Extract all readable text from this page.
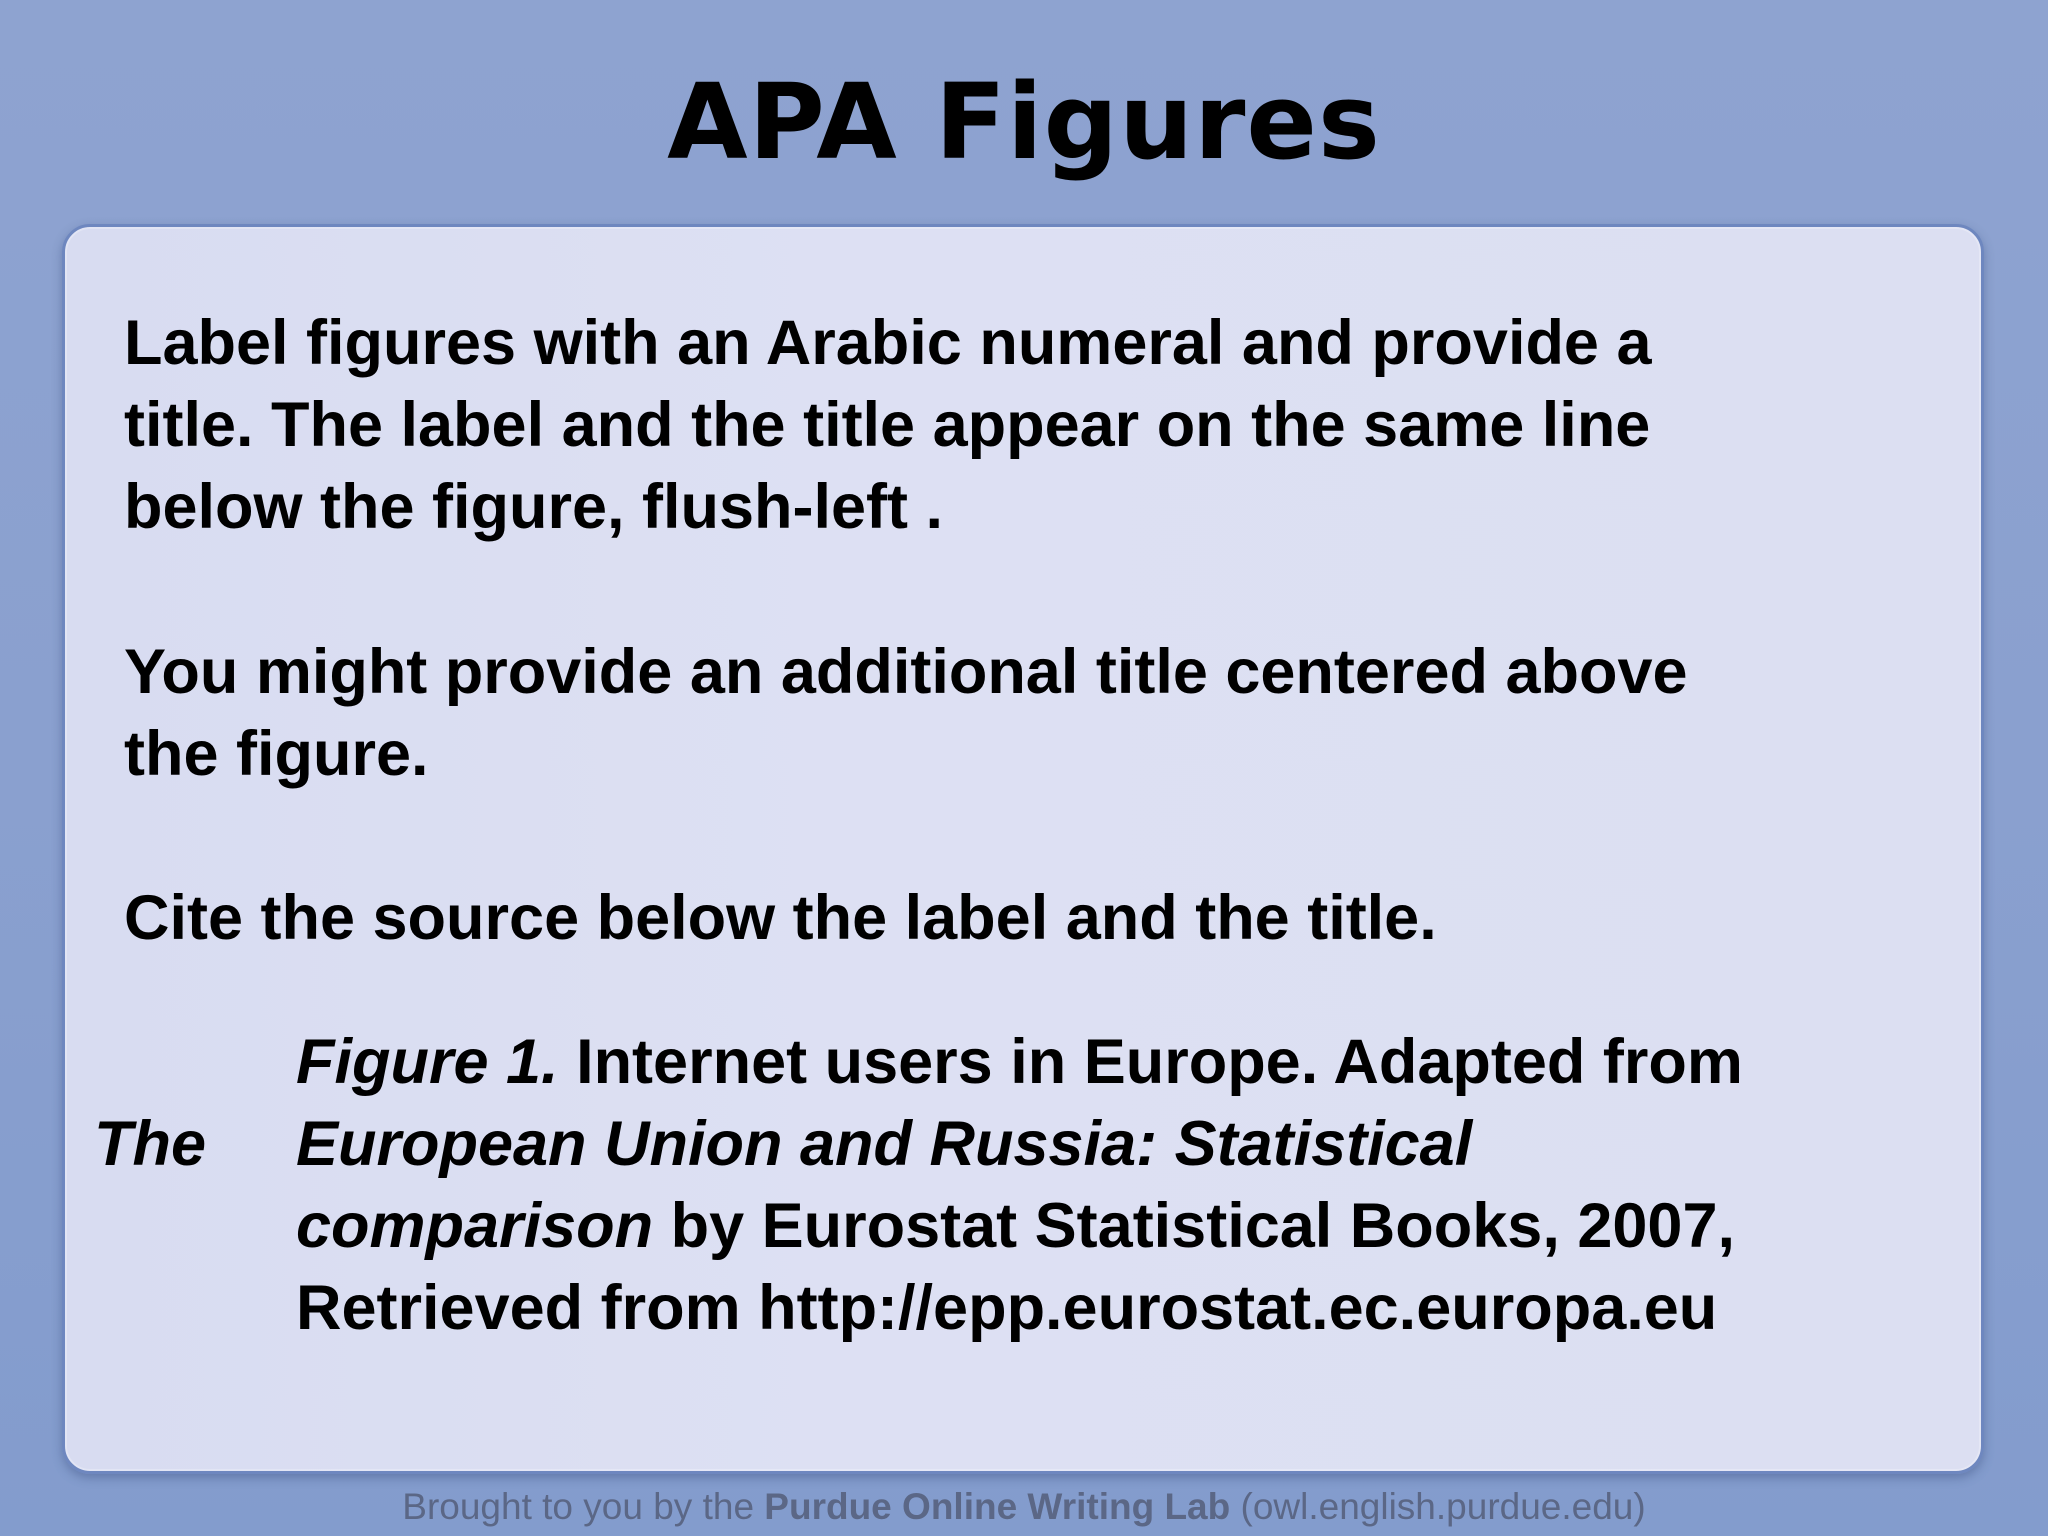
APA Figures

Label figures with an Arabic numeral and provide a
title. The label and the title appear on the same line
below the figure, flush-left .

You might provide an additional title centered above
the figure.

Cite the source below the label and the title.

The
Figure 1. Internet users in Europe. Adapted from
European Union and Russia: Statistical
comparison by Eurostat Statistical Books, 2007,
Retrieved from http://epp.eurostat.ec.europa.eu
Brought to you by the Purdue Online Writing Lab (owl.english.purdue.edu)
